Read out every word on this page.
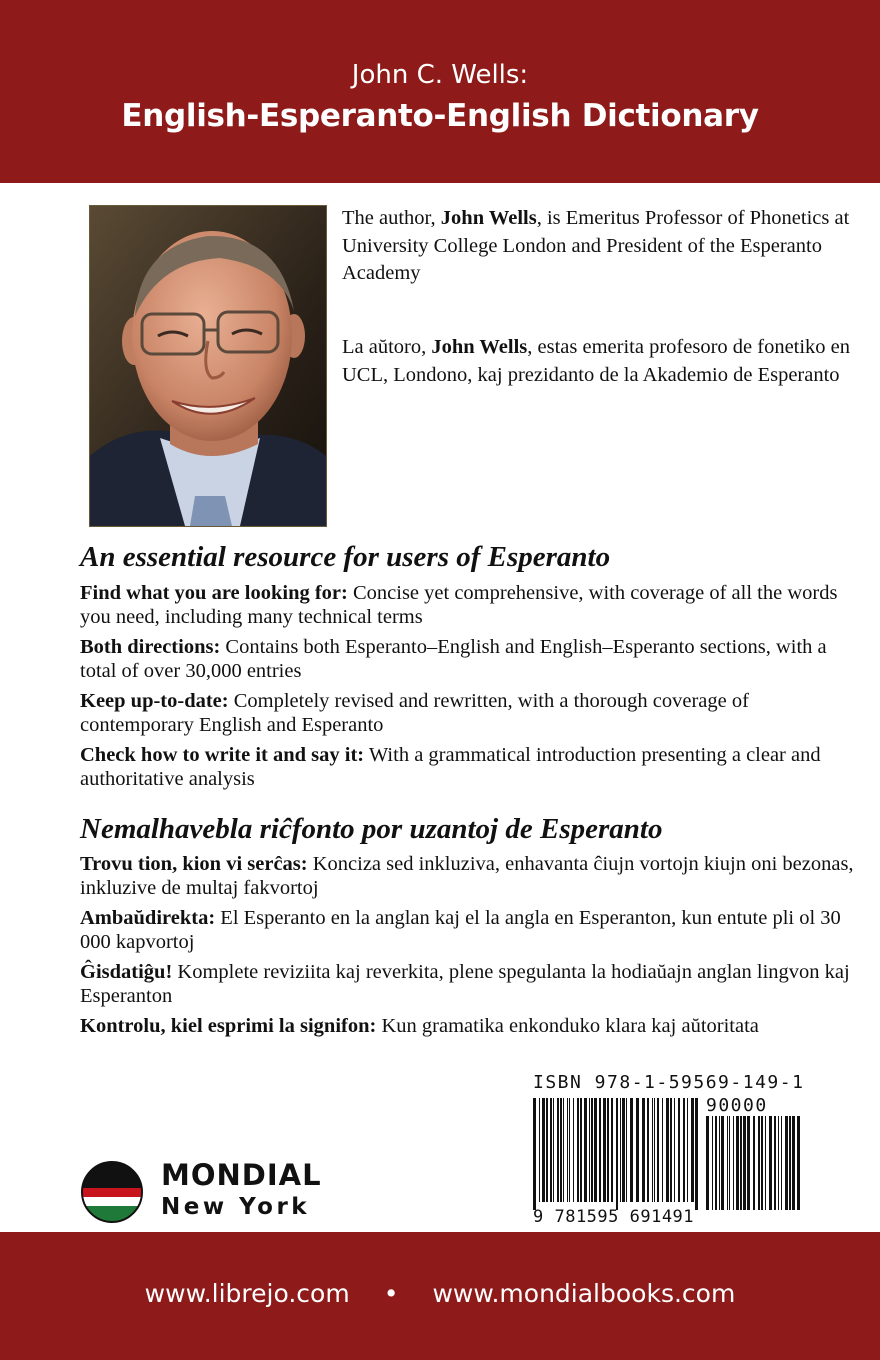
John C. Wells:
English-Esperanto-English Dictionary

The author, John Wells, is Emeritus Professor of Phonetics at University College London and President of the Esperanto Academy

La aŭtoro, John Wells, estas emerita profesoro de fonetiko en UCL, Londono, kaj prezidanto de la Akademio de Esperanto

An essential resource for users of Esperanto

Find what you are looking for: Concise yet comprehensive, with coverage of all the words you need, including many technical terms

Both directions: Contains both Esperanto–English and English–Esperanto sections, with a total of over 30,000 entries

Keep up-to-date: Completely revised and rewritten, with a thorough coverage of contemporary English and Esperanto

Check how to write it and say it: With a grammatical introduction presenting a clear and authoritative analysis

Nemalhavebla riĉfonto por uzantoj de Esperanto

Trovu tion, kion vi serĉas: Konciza sed inkluziva, enhavanta ĉiujn vortojn kiujn oni bezonas, inkluzive de multaj fakvortoj

Ambaŭdirekta: El Esperanto en la anglan kaj el la angla en Esperanton, kun entute pli ol 30 000 kapvortoj

Ĝisdatiĝu! Komplete reviziita kaj reverkita, plene spegulanta la hodiaŭajn anglan lingvon kaj Esperanton

Kontrolu, kiel esprimi la signifon: Kun gramatika enkonduko klara kaj aŭtoritata

ISBN 978-1-59569-149-1
90000
9 781595 691491
MONDIAL
New York
www.librejo.com • www.mondialbooks.com
